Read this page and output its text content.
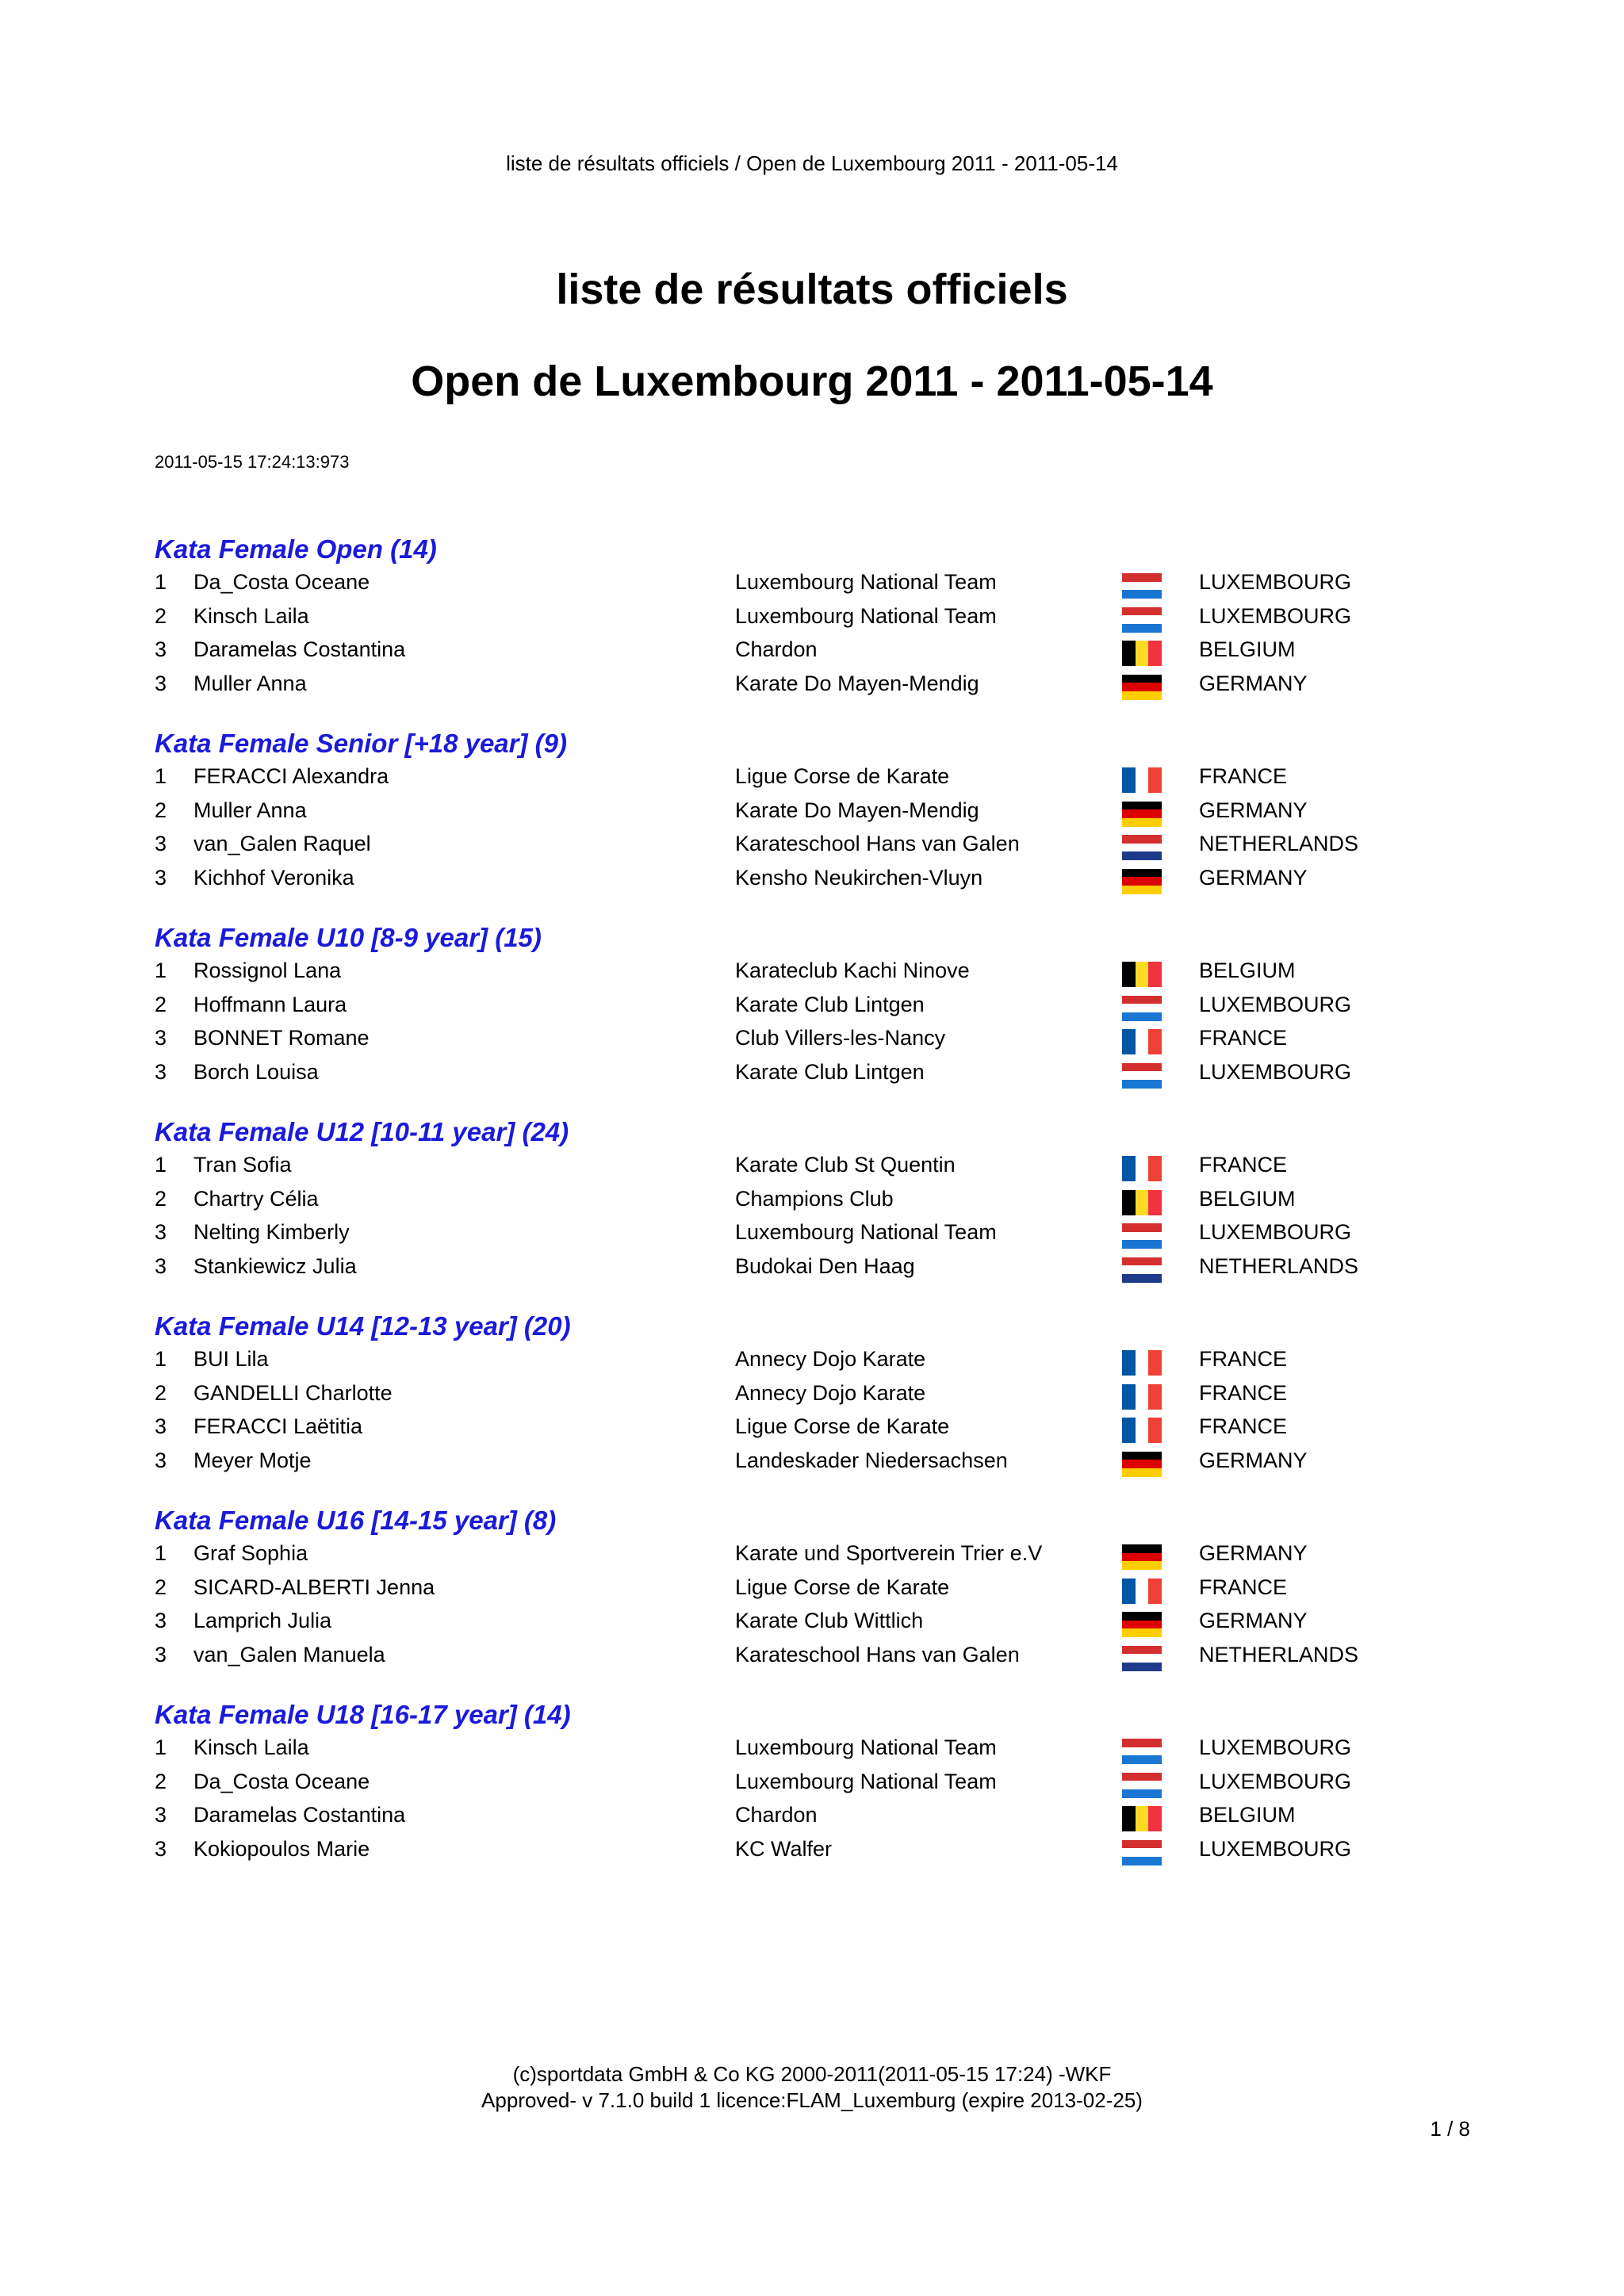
liste de résultats officiels / Open de Luxembourg 2011 - 2011-05-14
liste de résultats officiels
Open de Luxembourg 2011 - 2011-05-14
2011-05-15 17:24:13:973
Kata Female Open (14)
1 Da_Costa Oceane	Luxembourg National Team	LUXEMBOURG
2 Kinsch Laila	Luxembourg National Team	LUXEMBOURG
3 Daramelas Costantina	Chardon	BELGIUM
3 Muller Anna	Karate Do Mayen-Mendig	GERMANY
Kata Female Senior [+18 year] (9)
1 FERACCI Alexandra	Ligue Corse de Karate	FRANCE
2 Muller Anna	Karate Do Mayen-Mendig	GERMANY
3 van_Galen Raquel	Karateschool Hans van Galen	NETHERLANDS
3 Kichhof Veronika	Kensho Neukirchen-Vluyn	GERMANY
Kata Female U10 [8-9 year] (15)
1 Rossignol Lana	Karateclub Kachi Ninove	BELGIUM
2 Hoffmann Laura	Karate Club Lintgen	LUXEMBOURG
3 BONNET Romane	Club Villers-les-Nancy	FRANCE
3 Borch Louisa	Karate Club Lintgen	LUXEMBOURG
Kata Female U12 [10-11 year] (24)
1 Tran Sofia	Karate Club St Quentin	FRANCE
2 Chartry Célia	Champions Club	BELGIUM
3 Nelting Kimberly	Luxembourg National Team	LUXEMBOURG
3 Stankiewicz Julia	Budokai Den Haag	NETHERLANDS
Kata Female U14 [12-13 year] (20)
1 BUI Lila	Annecy Dojo Karate	FRANCE
2 GANDELLI Charlotte	Annecy Dojo Karate	FRANCE
3 FERACCI Laëtitia	Ligue Corse de Karate	FRANCE
3 Meyer Motje	Landeskader Niedersachsen	GERMANY
Kata Female U16 [14-15 year] (8)
1 Graf Sophia	Karate und Sportverein Trier e.V	GERMANY
2 SICARD-ALBERTI Jenna	Ligue Corse de Karate	FRANCE
3 Lamprich Julia	Karate Club Wittlich	GERMANY
3 van_Galen Manuela	Karateschool Hans van Galen	NETHERLANDS
Kata Female U18 [16-17 year] (14)
1 Kinsch Laila	Luxembourg National Team	LUXEMBOURG
2 Da_Costa Oceane	Luxembourg National Team	LUXEMBOURG
3 Daramelas Costantina	Chardon	BELGIUM
3 Kokiopoulos Marie	KC Walfer	LUXEMBOURG
(c)sportdata GmbH & Co KG 2000-2011(2011-05-15 17:24) -WKF
Approved- v 7.1.0 build 1 licence:FLAM_Luxemburg (expire 2013-02-25)
1 / 8
